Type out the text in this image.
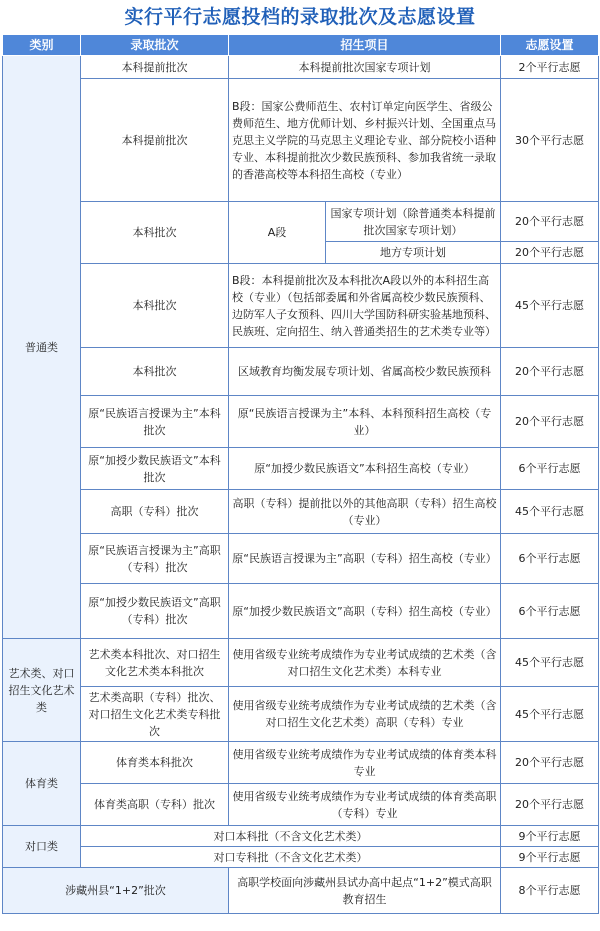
实行平行志愿投档的录取批次及志愿设置
类别	录取批次	招生项目		志愿设置
普通类	本科提前批次	本科提前批次国家专项计划		2个平行志愿
	本科提前批次	B段：国家公费师范生、农村订单定向医学生、省级公费师范生、地方优师计划、乡村振兴计划、全国重点马克思主义学院的马克思主义理论专业、部分院校小语种专业、本科提前批次少数民族预科、参加我省统一录取的香港高校等本科招生高校（专业）		30个平行志愿
	本科批次	A段	国家专项计划（除普通类本科提前批次国家专项计划）	20个平行志愿
			地方专项计划	20个平行志愿
	本科批次	B段：本科提前批次及本科批次A段以外的本科招生高校（专业）（包括部委属和外省属高校少数民族预科、边防军人子女预科、四川大学国防科研实验基地预科、民族班、定向招生、纳入普通类招生的艺术类专业等）		45个平行志愿
	本科批次	区域教育均衡发展专项计划、省属高校少数民族预科		20个平行志愿
	原“民族语言授课为主”本科批次	原“民族语言授课为主”本科、本科预科招生高校（专业）		20个平行志愿
	原“加授少数民族语文”本科批次	原“加授少数民族语文”本科招生高校（专业）		6个平行志愿
	高职（专科）批次	高职（专科）提前批以外的其他高职（专科）招生高校（专业）		45个平行志愿
	原“民族语言授课为主”高职（专科）批次	原“民族语言授课为主”高职（专科）招生高校（专业）		6个平行志愿
	原“加授少数民族语文”高职（专科）批次	原“加授少数民族语文”高职（专科）招生高校（专业）		6个平行志愿
艺术类、对口招生文化艺术类	艺术类本科批次、对口招生文化艺术类本科批次	使用省级专业统考成绩作为专业考试成绩的艺术类（含对口招生文化艺术类）本科专业		45个平行志愿
	艺术类高职（专科）批次、对口招生文化艺术类专科批次	使用省级专业统考成绩作为专业考试成绩的艺术类（含对口招生文化艺术类）高职（专科）专业		45个平行志愿
体育类	体育类本科批次	使用省级专业统考成绩作为专业考试成绩的体育类本科专业		20个平行志愿
	体育类高职（专科）批次	使用省级专业统考成绩作为专业考试成绩的体育类高职（专科）专业		20个平行志愿
对口类	对口本科批（不含文化艺术类）			9个平行志愿
	对口专科批（不含文化艺术类）			9个平行志愿
涉藏州县“1+2”批次		高职学校面向涉藏州县试办高中起点“1+2”模式高职教育招生		8个平行志愿
